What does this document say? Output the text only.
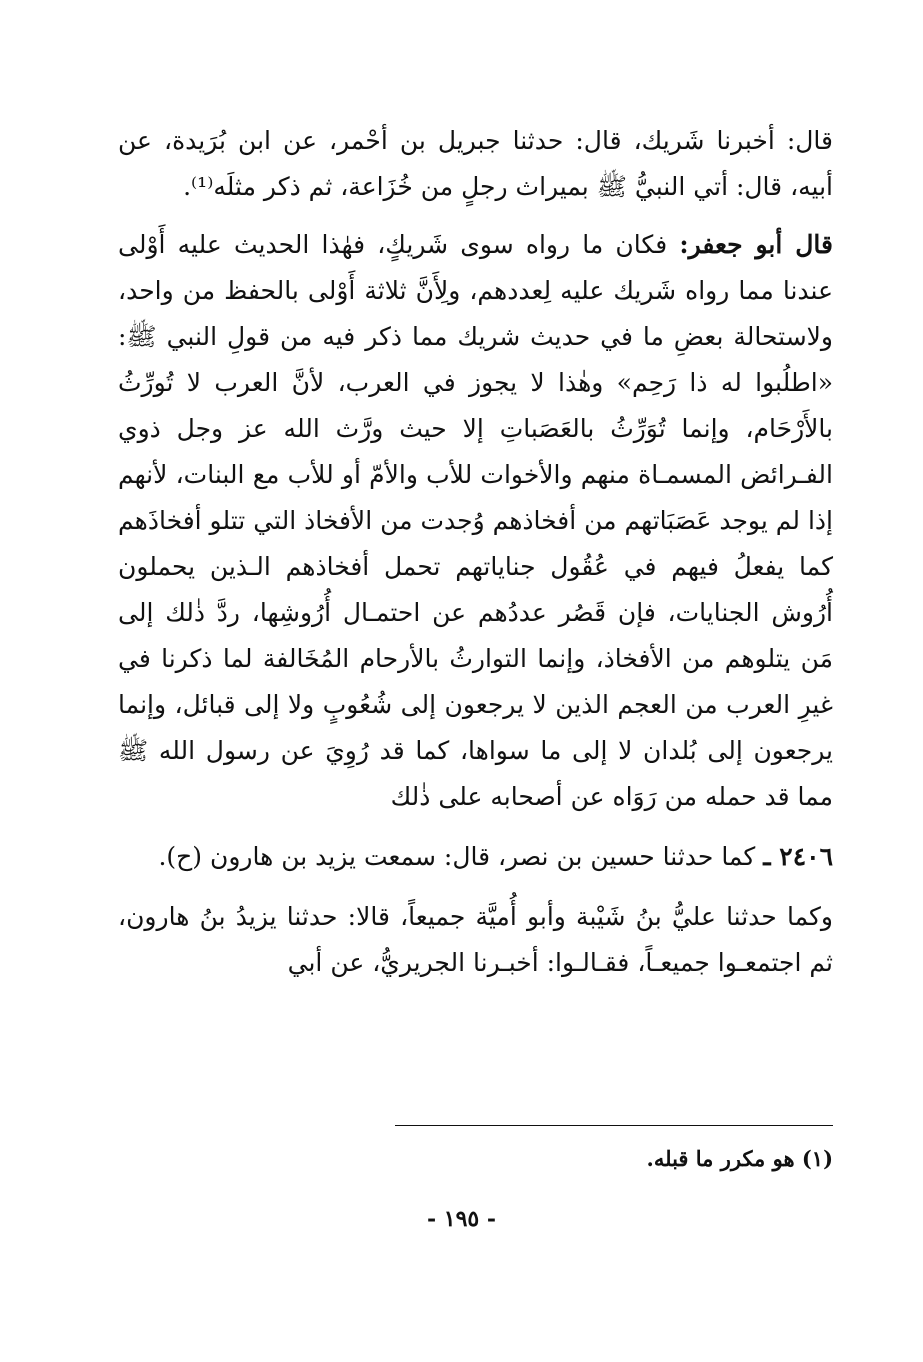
قال: أخبرنا شَريك، قال: حدثنا جبريل بن أحْمر، عن ابن بُرَيدة، عن أبيه، قال: أتي النبيُّ ﷺ بميراث رجلٍ من خُزَاعة، ثم ذكر مثلَه⁽¹⁾.

قال أبو جعفر: فكان ما رواه سوى شَريكٍ، فهٰذا الحديث عليه أَوْلى عندنا مما رواه شَريك عليه لِعددهم، ولِأَنَّ ثلاثة أَوْلى بالحفظ من واحد، ولاستحالة بعضِ ما في حديث شريك مما ذكر فيه من قولِ النبي ﷺ: «اطلُبوا له ذا رَحِم» وهٰذا لا يجوز في العرب، لأنَّ العرب لا تُورِّثُ بالأَرْحَام، وإنما تُوَرِّثُ بالعَصَباتِ إلا حيث ورَّث الله عز وجل ذوي الفـرائض المسمـاة منهم والأخوات للأب والأمّ أو للأب مع البنات، لأنهم إذا لم يوجد عَصَبَاتهم من أفخاذهم وُجدت من الأفخاذ التي تتلو أفخاذَهم كما يفعلُ فيهم في عُقُول جناياتهم تحمل أفخاذهم الـذين يحملون أُرُوش الجنايات، فإن قَصُر عددُهم عن احتمـال أُرُوشِها، ردَّ ذٰلك إلى مَن يتلوهم من الأفخاذ، وإنما التوارثُ بالأرحام المُخَالفة لما ذكرنا في غيرِ العرب من العجم الذين لا يرجعون إلى شُعُوبٍ ولا إلى قبائل، وإنما يرجعون إلى بُلدان لا إلى ما سواها، كما قد رُوِيَ عن رسول الله ﷺ مما قد حمله من رَوَاه عن أصحابه على ذٰلك

٢٤٠٦ ـ كما حدثنا حسين بن نصر، قال: سمعت يزيد بن هارون (ح).

وكما حدثنا عليُّ بنُ شَيْبة وأبو أُميَّة جميعاً، قالا: حدثنا يزيدُ بنُ هارون، ثم اجتمعـوا جميعـاً، فقـالـوا: أخبـرنا الجريريُّ، عن أبي

(١) هو مكرر ما قبله.
- ١٩٥ -
